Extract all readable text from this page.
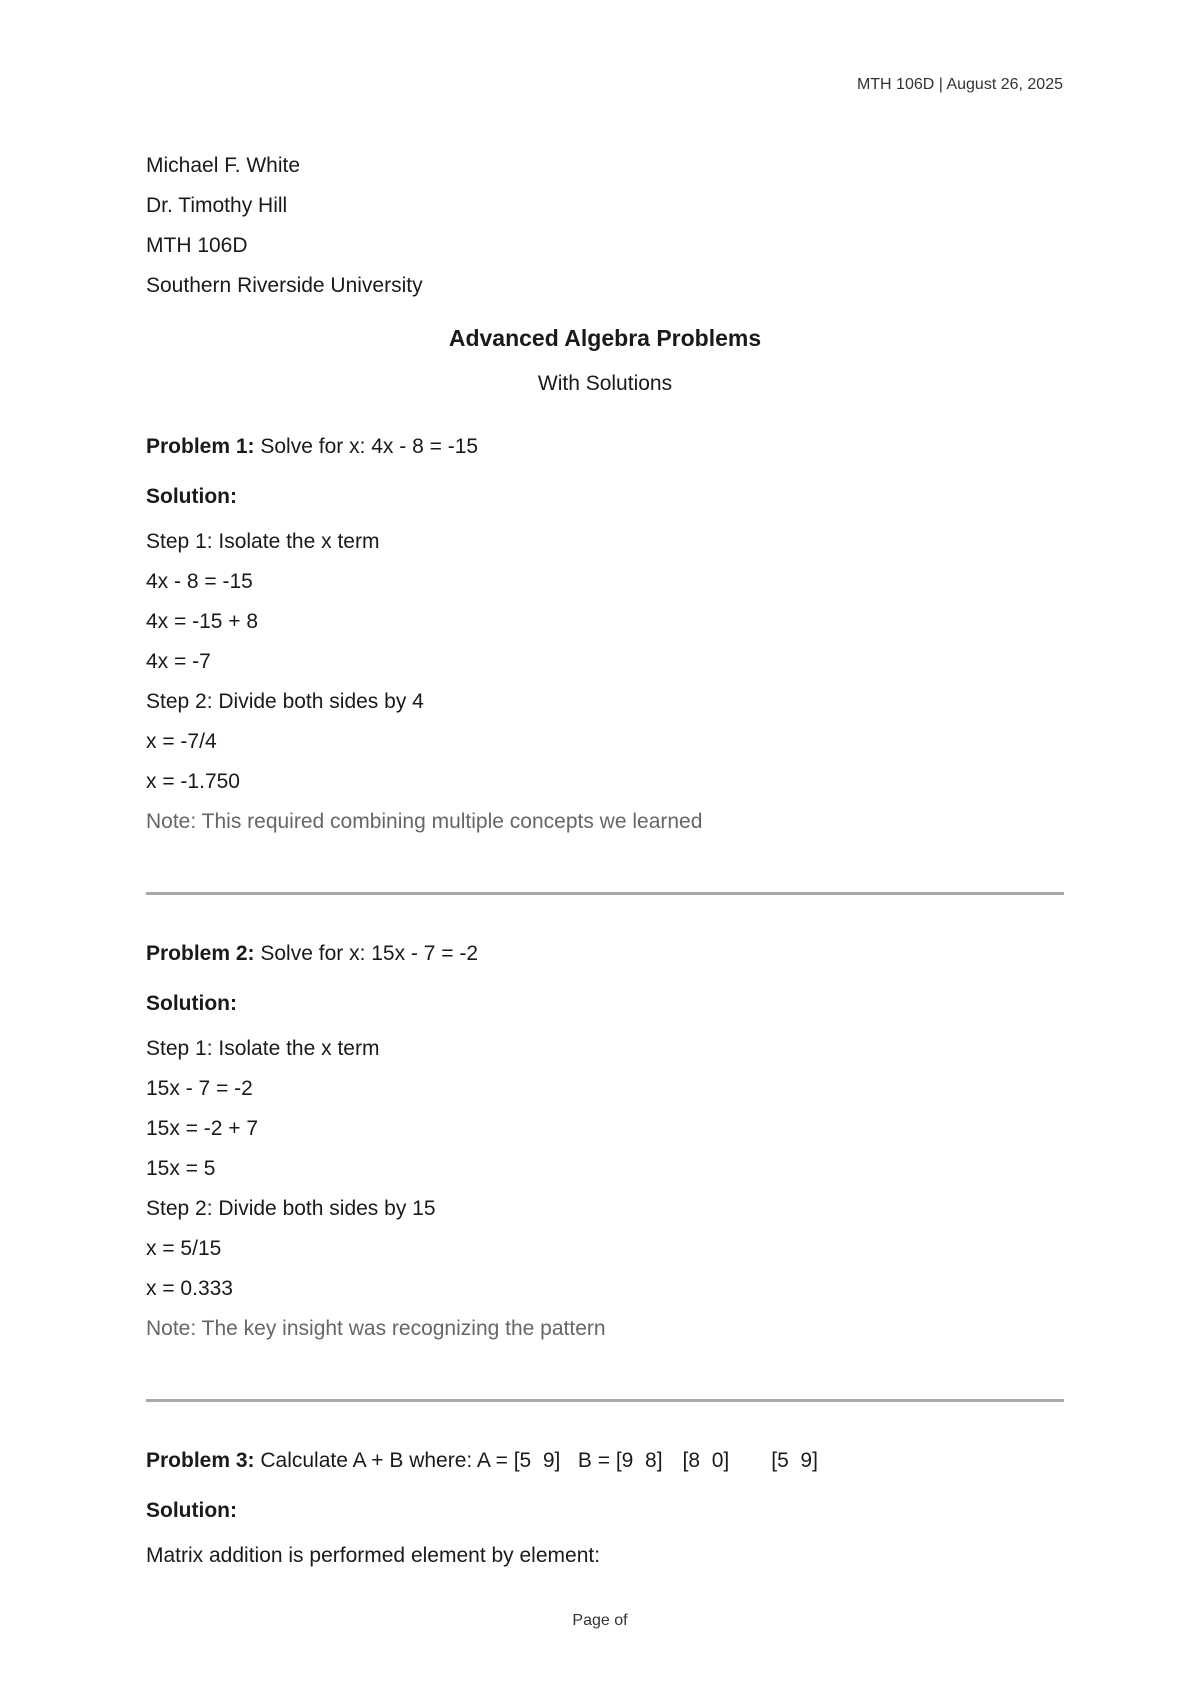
MTH 106D | August 26, 2025
Michael F. White
Dr. Timothy Hill
MTH 106D
Southern Riverside University
Advanced Algebra Problems
With Solutions
Problem 1: Solve for x: 4x - 8 = -15
Solution:
Step 1: Isolate the x term
4x - 8 = -15
4x = -15 + 8
4x = -7
Step 2: Divide both sides by 4
x = -7/4
x = -1.750
Note: This required combining multiple concepts we learned
Problem 2: Solve for x: 15x - 7 = -2
Solution:
Step 1: Isolate the x term
15x - 7 = -2
15x = -2 + 7
15x = 5
Step 2: Divide both sides by 15
x = 5/15
x = 0.333
Note: The key insight was recognizing the pattern
Problem 3: Calculate A + B where: A = [5  9]   B = [9  8] [8  0] [5  9]
Solution:
Matrix addition is performed element by element:
Page of
